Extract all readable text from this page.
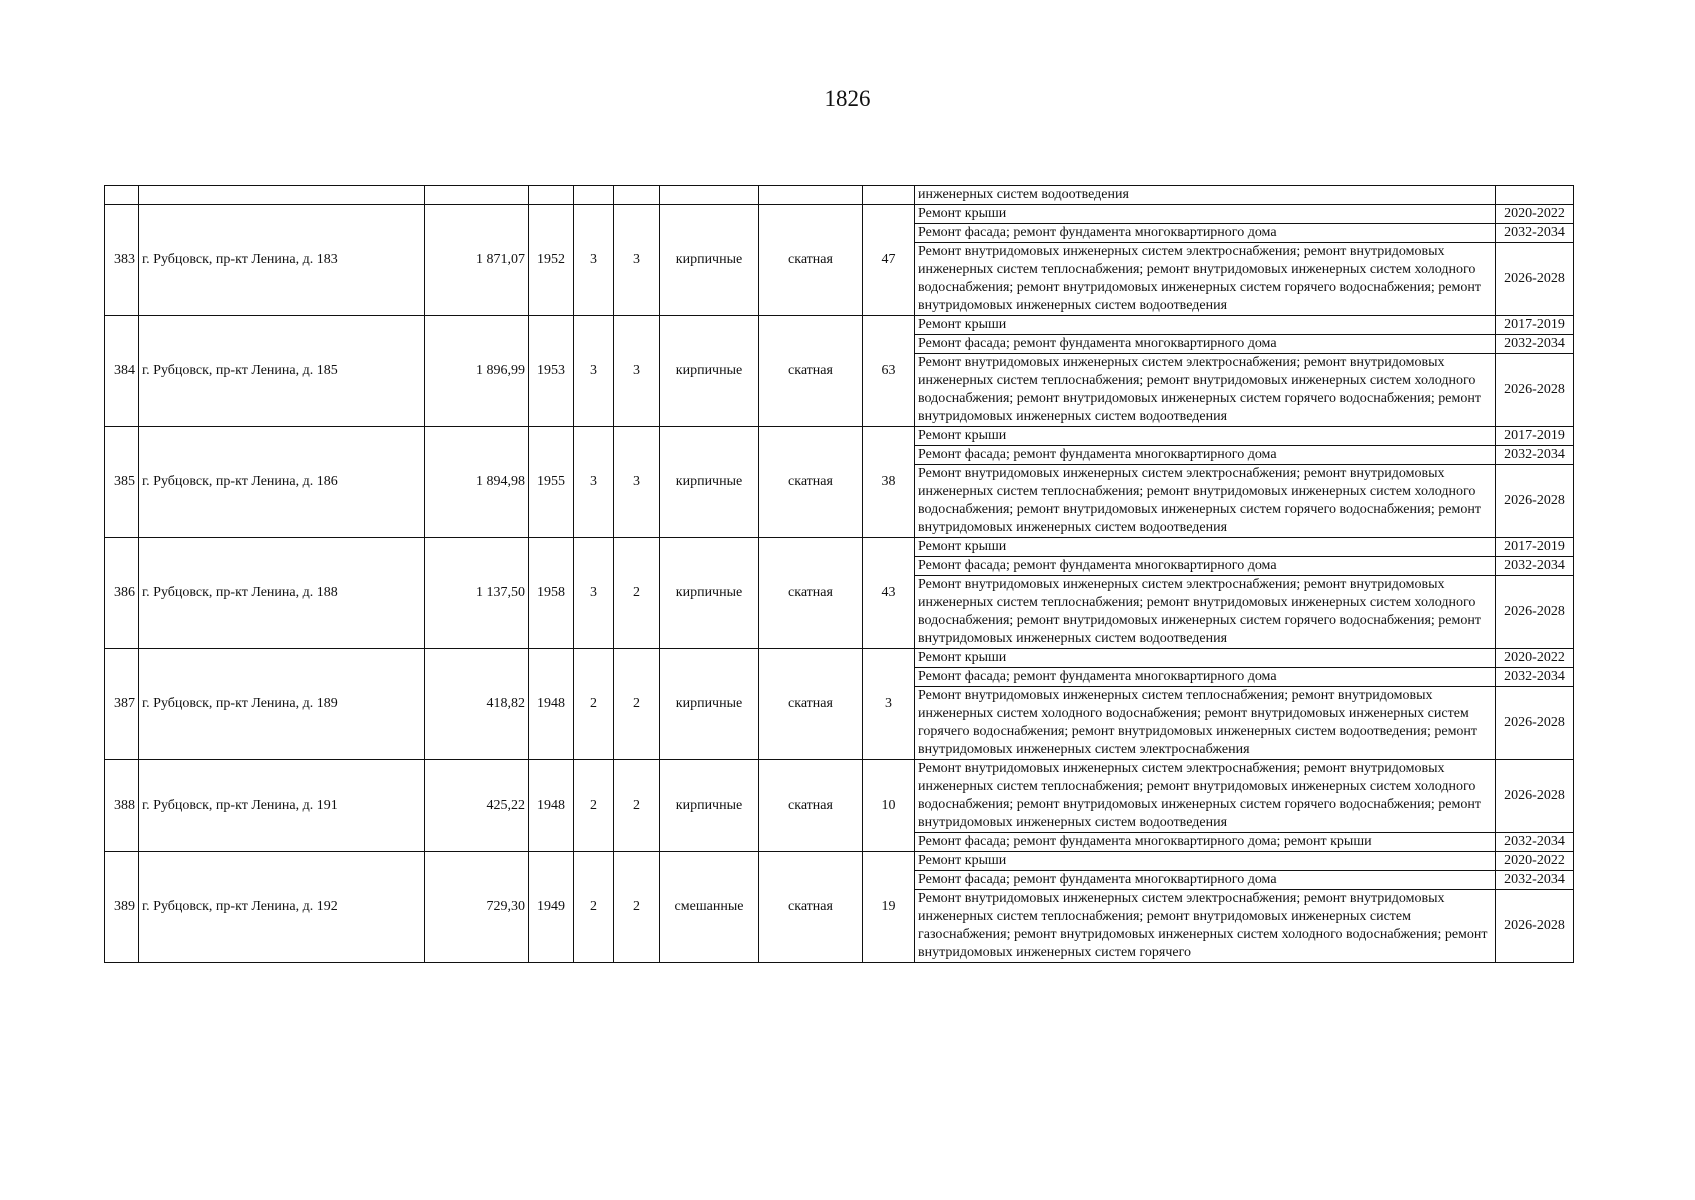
1826
									инженерных систем водоотведения	
383	г. Рубцовск, пр-кт Ленина, д. 183	1 871,07	1952	3	3	кирпичные	скатная	47	Ремонт крыши	2020-2022
									Ремонт фасада; ремонт фундамента многоквартирного дома	2032-2034
									Ремонт внутридомовых инженерных систем электроснабжения; ремонт внутридомовых инженерных систем теплоснабжения; ремонт внутридомовых инженерных систем холодного водоснабжения; ремонт внутридомовых инженерных систем горячего водоснабжения; ремонт внутридомовых инженерных систем водоотведения	2026-2028
384	г. Рубцовск, пр-кт Ленина, д. 185	1 896,99	1953	3	3	кирпичные	скатная	63	Ремонт крыши	2017-2019
									Ремонт фасада; ремонт фундамента многоквартирного дома	2032-2034
									Ремонт внутридомовых инженерных систем электроснабжения; ремонт внутридомовых инженерных систем теплоснабжения; ремонт внутридомовых инженерных систем холодного водоснабжения; ремонт внутридомовых инженерных систем горячего водоснабжения; ремонт внутридомовых инженерных систем водоотведения	2026-2028
385	г. Рубцовск, пр-кт Ленина, д. 186	1 894,98	1955	3	3	кирпичные	скатная	38	Ремонт крыши	2017-2019
									Ремонт фасада; ремонт фундамента многоквартирного дома	2032-2034
									Ремонт внутридомовых инженерных систем электроснабжения; ремонт внутридомовых инженерных систем теплоснабжения; ремонт внутридомовых инженерных систем холодного водоснабжения; ремонт внутридомовых инженерных систем горячего водоснабжения; ремонт внутридомовых инженерных систем водоотведения	2026-2028
386	г. Рубцовск, пр-кт Ленина, д. 188	1 137,50	1958	3	2	кирпичные	скатная	43	Ремонт крыши	2017-2019
									Ремонт фасада; ремонт фундамента многоквартирного дома	2032-2034
									Ремонт внутридомовых инженерных систем электроснабжения; ремонт внутридомовых инженерных систем теплоснабжения; ремонт внутридомовых инженерных систем холодного водоснабжения; ремонт внутридомовых инженерных систем горячего водоснабжения; ремонт внутридомовых инженерных систем водоотведения	2026-2028
387	г. Рубцовск, пр-кт Ленина, д. 189	418,82	1948	2	2	кирпичные	скатная	3	Ремонт крыши	2020-2022
									Ремонт фасада; ремонт фундамента многоквартирного дома	2032-2034
									Ремонт внутридомовых инженерных систем теплоснабжения; ремонт внутридомовых инженерных систем холодного водоснабжения; ремонт внутридомовых инженерных систем горячего водоснабжения; ремонт внутридомовых инженерных систем водоотведения; ремонт внутридомовых инженерных систем электроснабжения	2026-2028
388	г. Рубцовск, пр-кт Ленина, д. 191	425,22	1948	2	2	кирпичные	скатная	10	Ремонт внутридомовых инженерных систем электроснабжения; ремонт внутридомовых инженерных систем теплоснабжения; ремонт внутридомовых инженерных систем холодного водоснабжения; ремонт внутридомовых инженерных систем горячего водоснабжения; ремонт внутридомовых инженерных систем водоотведения	2026-2028
									Ремонт фасада; ремонт фундамента многоквартирного дома; ремонт крыши	2032-2034
389	г. Рубцовск, пр-кт Ленина, д. 192	729,30	1949	2	2	смешанные	скатная	19	Ремонт крыши	2020-2022
									Ремонт фасада; ремонт фундамента многоквартирного дома	2032-2034
									Ремонт внутридомовых инженерных систем электроснабжения; ремонт внутридомовых инженерных систем теплоснабжения; ремонт внутридомовых инженерных систем газоснабжения; ремонт внутридомовых инженерных систем холодного водоснабжения; ремонт внутридомовых инженерных систем горячего	2026-2028
